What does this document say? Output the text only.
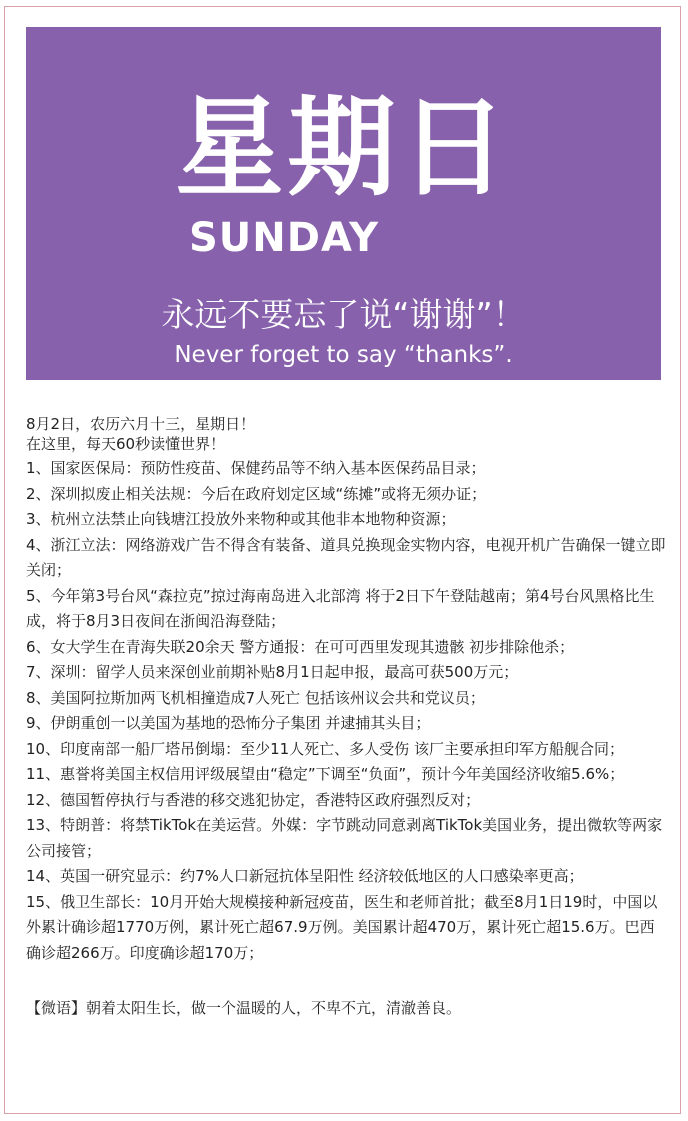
星期日
SUNDAY
永远不要忘了说“谢谢”！
Never forget to say “thanks”.

8月2日，农历六月十三，星期日！

在这里，每天60秒读懂世界！

1、国家医保局：预防性疫苗、保健药品等不纳入基本医保药品目录；
2、深圳拟废止相关法规：今后在政府划定区域“练摊”或将无须办证；
3、杭州立法禁止向钱塘江投放外来物种或其他非本地物种资源；
4、浙江立法：网络游戏广告不得含有装备、道具兑换现金实物内容，电视开机广告确保一键立即关闭；
5、今年第3号台风“森拉克”掠过海南岛进入北部湾 将于2日下午登陆越南；第4号台风黑格比生成，将于8月3日夜间在浙闽沿海登陆；
6、女大学生在青海失联20余天 警方通报：在可可西里发现其遗骸 初步排除他杀；
7、深圳：留学人员来深创业前期补贴8月1日起申报，最高可获500万元；
8、美国阿拉斯加两飞机相撞造成7人死亡 包括该州议会共和党议员；
9、伊朗重创一以美国为基地的恐怖分子集团 并逮捕其头目；
10、印度南部一船厂塔吊倒塌：至少11人死亡、多人受伤 该厂主要承担印军方船舰合同；
11、惠誉将美国主权信用评级展望由“稳定”下调至“负面”，预计今年美国经济收缩5.6%；
12、德国暂停执行与香港的移交逃犯协定，香港特区政府强烈反对；
13、特朗普：将禁TikTok在美运营。外媒：字节跳动同意剥离TikTok美国业务，提出微软等两家公司接管；
14、英国一研究显示：约7%人口新冠抗体呈阳性 经济较低地区的人口感染率更高；
15、俄卫生部长：10月开始大规模接种新冠疫苗，医生和老师首批；截至8月1日19时，中国以外累计确诊超1770万例，累计死亡超67.9万例。美国累计超470万，累计死亡超15.6万。巴西确诊超266万。印度确诊超170万；

【微语】朝着太阳生长，做一个温暖的人，不卑不亢，清澈善良。
